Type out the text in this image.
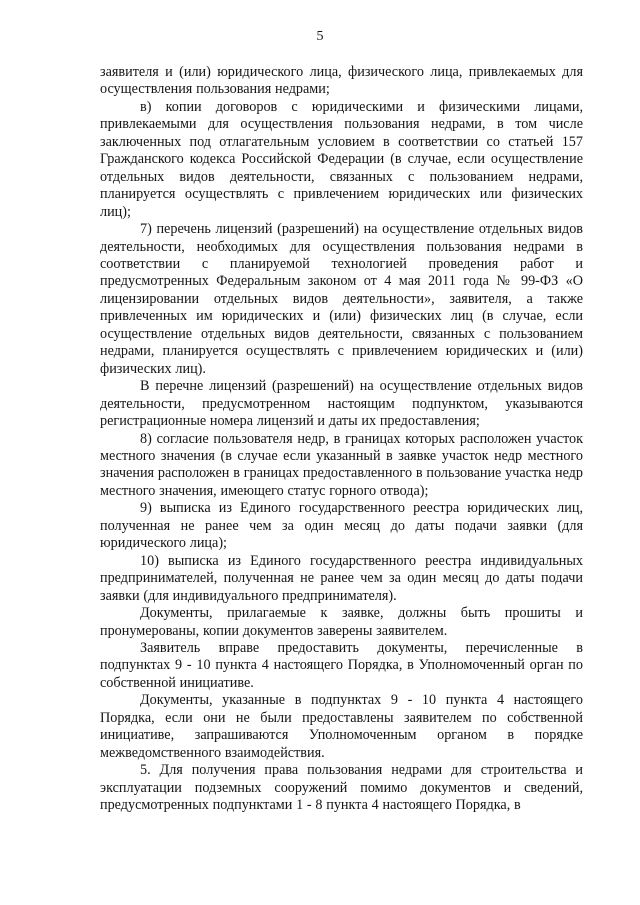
5

заявителя и (или) юридического лица, физического лица, привлекаемых для осуществления пользования недрами;

в) копии договоров с юридическими и физическими лицами, привлекаемыми для осуществления пользования недрами, в том числе заключенных под отлагательным условием в соответствии со статьей 157 Гражданского кодекса Российской Федерации (в случае, если осуществление отдельных видов деятельности, связанных с пользованием недрами, планируется осуществлять с привлечением юридических или физических лиц);

7) перечень лицензий (разрешений) на осуществление отдельных видов деятельности, необходимых для осуществления пользования недрами в соответствии с планируемой технологией проведения работ и предусмотренных Федеральным законом от 4 мая 2011 года № 99-ФЗ «О лицензировании отдельных видов деятельности», заявителя, а также привлеченных им юридических и (или) физических лиц (в случае, если осуществление отдельных видов деятельности, связанных с пользованием недрами, планируется осуществлять с привлечением юридических и (или) физических лиц).

В перечне лицензий (разрешений) на осуществление отдельных видов деятельности, предусмотренном настоящим подпунктом, указываются регистрационные номера лицензий и даты их предоставления;

8) согласие пользователя недр, в границах которых расположен участок местного значения (в случае если указанный в заявке участок недр местного значения расположен в границах предоставленного в пользование участка недр местного значения, имеющего статус горного отвода);

9) выписка из Единого государственного реестра юридических лиц, полученная не ранее чем за один месяц до даты подачи заявки (для юридического лица);

10) выписка из Единого государственного реестра индивидуальных предпринимателей, полученная не ранее чем за один месяц до даты подачи заявки (для индивидуального предпринимателя).

Документы, прилагаемые к заявке, должны быть прошиты и пронумерованы, копии документов заверены заявителем.

Заявитель вправе предоставить документы, перечисленные в подпунктах 9 - 10 пункта 4 настоящего Порядка, в Уполномоченный орган по собственной инициативе.

Документы, указанные в подпунктах 9 - 10 пункта 4 настоящего Порядка, если они не были предоставлены заявителем по собственной инициативе, запрашиваются Уполномоченным органом в порядке межведомственного взаимодействия.

5. Для получения права пользования недрами для строительства и эксплуатации подземных сооружений помимо документов и сведений, предусмотренных подпунктами 1 - 8 пункта 4 настоящего Порядка, в
